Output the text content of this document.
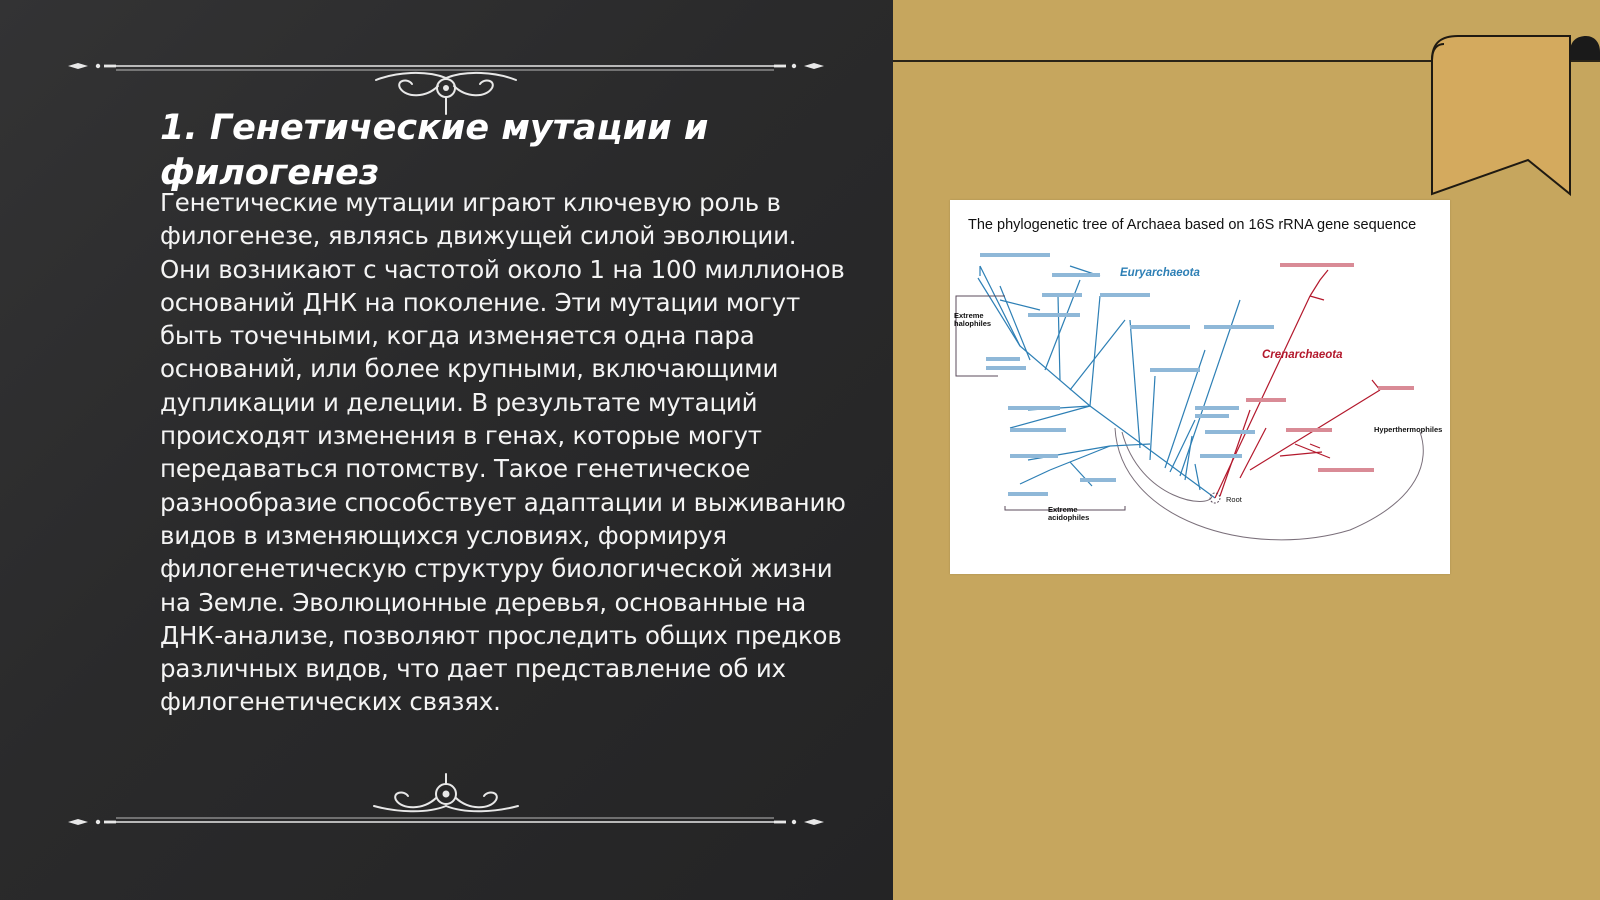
1. Генетические мутации и филогенез

Генетические мутации играют ключевую роль в филогенезе, являясь движущей силой эволюции. Они возникают с частотой около 1 на 100 миллионов оснований ДНК на поколение. Эти мутации могут быть точечными, когда изменяется одна пара оснований, или более крупными, включающими дупликации и делеции. В результате мутаций происходят изменения в генах, которые могут передаваться потомству. Такое генетическое разнообразие способствует адаптации и выживанию видов в изменяющихся условиях, формируя филогенетическую структуру биологической жизни на Земле. Эволюционные деревья, основанные на ДНК-анализе, позволяют проследить общих предков различных видов, что дает представление об их филогенетических связях.

The phylogenetic tree of Archaea based on 16S rRNA gene sequence
Euryarchaeota
Crenarchaeota
Extreme
halophiles
Hyperthermophiles
Extreme
acidophiles
Root
